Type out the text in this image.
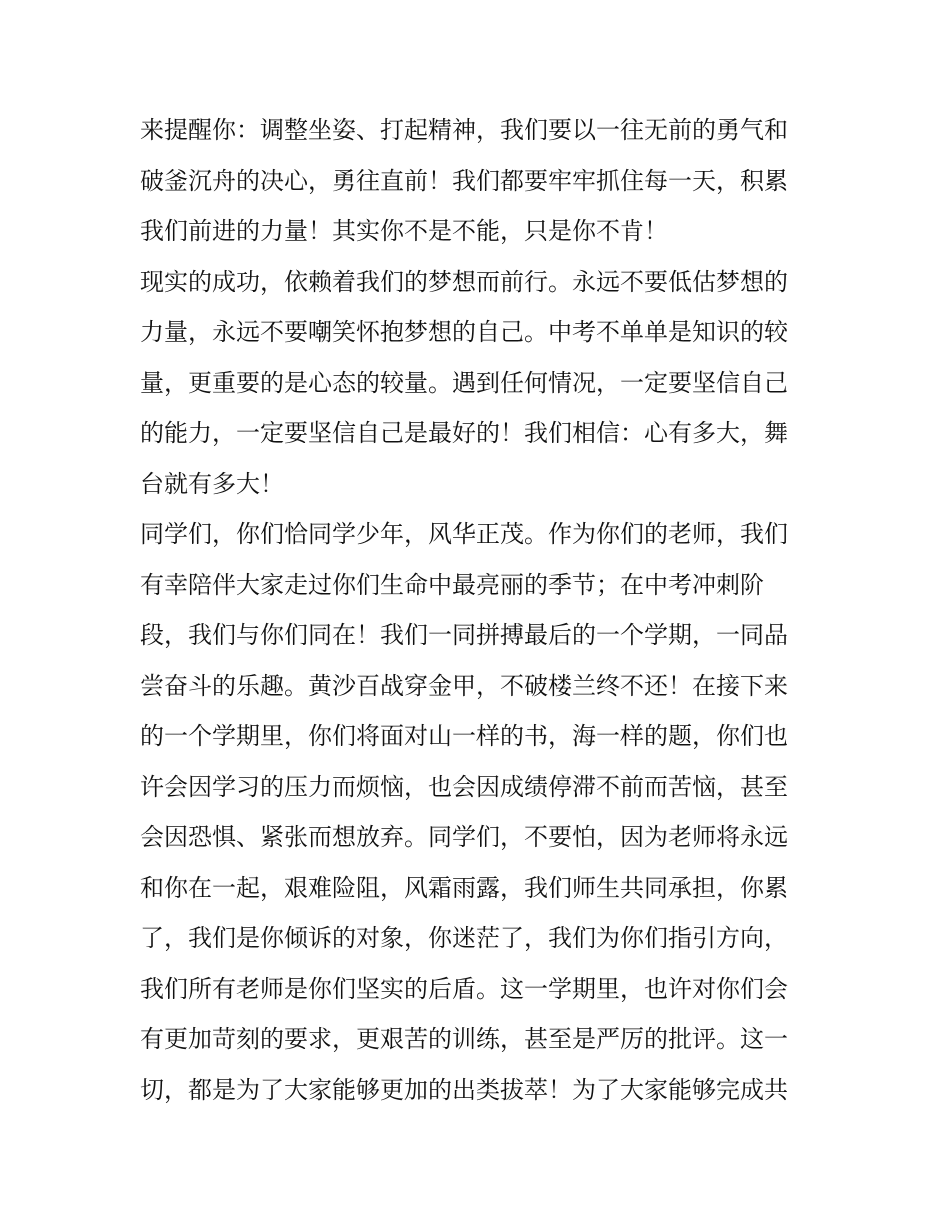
来提醒你：调整坐姿、打起精神，我们要以一往无前的勇气和
破釜沉舟的决心，勇往直前！我们都要牢牢抓住每一天，积累
我们前进的力量！其实你不是不能，只是你不肯！
现实的成功，依赖着我们的梦想而前行。永远不要低估梦想的
力量，永远不要嘲笑怀抱梦想的自己。中考不单单是知识的较
量，更重要的是心态的较量。遇到任何情况，一定要坚信自己
的能力，一定要坚信自己是最好的！我们相信：心有多大，舞
台就有多大！
同学们，你们恰同学少年，风华正茂。作为你们的老师，我们
有幸陪伴大家走过你们生命中最亮丽的季节；在中考冲刺阶
段，我们与你们同在！我们一同拼搏最后的一个学期，一同品
尝奋斗的乐趣。黄沙百战穿金甲，不破楼兰终不还！在接下来
的一个学期里，你们将面对山一样的书，海一样的题，你们也
许会因学习的压力而烦恼，也会因成绩停滞不前而苦恼，甚至
会因恐惧、紧张而想放弃。同学们，不要怕，因为老师将永远
和你在一起，艰难险阻，风霜雨露，我们师生共同承担，你累
了，我们是你倾诉的对象，你迷茫了，我们为你们指引方向，
我们所有老师是你们坚实的后盾。这一学期里，也许对你们会
有更加苛刻的要求，更艰苦的训练，甚至是严厉的批评。这一
切，都是为了大家能够更加的出类拔萃！为了大家能够完成共
